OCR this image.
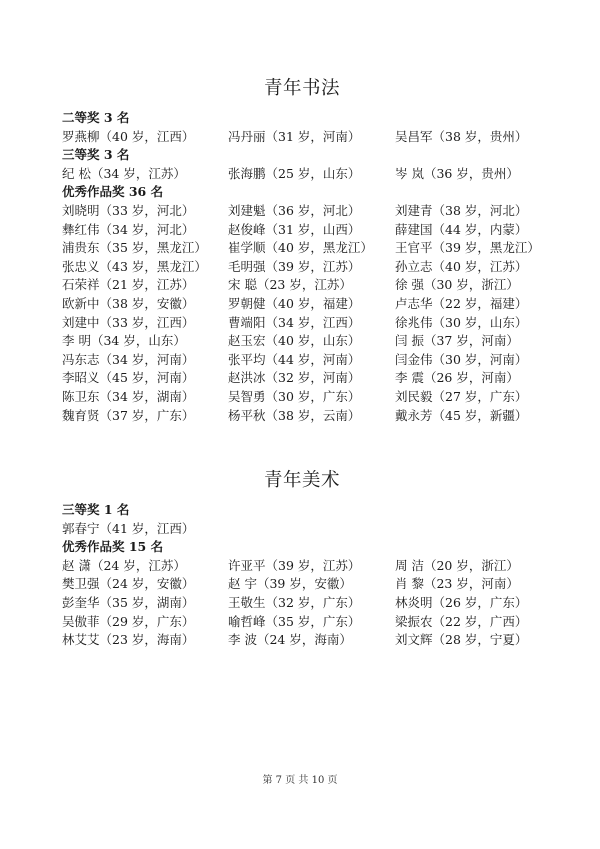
青年书法
二等奖 3 名
罗燕柳（40 岁，江西）	冯丹丽（31 岁，河南）	吴昌军（38 岁，贵州）
三等奖 3 名
纪 松（34 岁，江苏）	张海鹏（25 岁，山东）	岑 岚（36 岁，贵州）
优秀作品奖 36 名
刘晓明（33 岁，河北）	刘建魁（36 岁，河北）	刘建青（38 岁，河北）
彝红伟（34 岁，河北）	赵俊峰（31 岁，山西）	薛建国（44 岁，内蒙）
浦贵东（35 岁，黑龙江）	崔学顺（40 岁，黑龙江）	王官平（39 岁，黑龙江）
张忠义（43 岁，黑龙江）	毛明强（39 岁，江苏）	孙立志（40 岁，江苏）
石荣祥（21 岁，江苏）	宋 聪（23 岁，江苏）	徐 强（30 岁，浙江）
欧新中（38 岁，安徽）	罗朝健（40 岁，福建）	卢志华（22 岁，福建）
刘建中（33 岁，江西）	曹端阳（34 岁，江西）	徐兆伟（30 岁，山东）
李 明（34 岁，山东）	赵玉宏（40 岁，山东）	闫 振（37 岁，河南）
冯东志（34 岁，河南）	张平均（44 岁，河南）	闫金伟（30 岁，河南）
李昭义（45 岁，河南）	赵洪冰（32 岁，河南）	李 震（26 岁，河南）
陈卫东（34 岁，湖南）	吴智勇（30 岁，广东）	刘民毅（27 岁，广东）
魏育贤（37 岁，广东）	杨平秋（38 岁，云南）	戴永芳（45 岁，新疆）
青年美术
三等奖 1 名
郭春宁（41 岁，江西）
优秀作品奖 15 名
赵 潇（24 岁，江苏）	许亚平（39 岁，江苏）	周 洁（20 岁，浙江）
樊卫强（24 岁，安徽）	赵 宇（39 岁，安徽）	肖 黎（23 岁，河南）
彭奎华（35 岁，湖南）	王敬生（32 岁，广东）	林炎明（26 岁，广东）
吴傲菲（29 岁，广东）	喻哲峰（35 岁，广东）	梁振农（22 岁，广西）
林艾艾（23 岁，海南）	李 波（24 岁，海南）	刘文辉（28 岁，宁夏）
第 7 页 共 10 页
